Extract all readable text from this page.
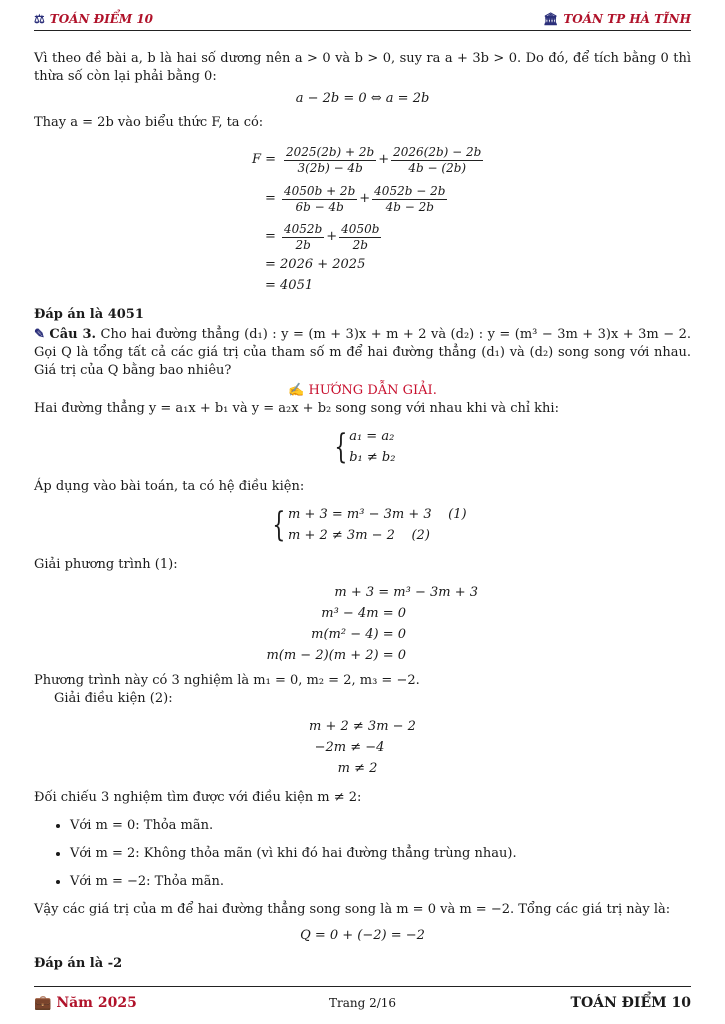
⚖ TOÁN ĐIỂM 10	🏛 TOÁN TP HÀ TĨNH

Vì theo đề bài a, b là hai số dương nên a > 0 và b > 0, suy ra a + 3b > 0. Do đó, để tích bằng 0 thì thừa số còn lại phải bằng 0:

a − 2b = 0 ⇔ a = 2b

Thay a = 2b vào biểu thức F, ta có:

$F = \frac{2025(2b) + 2b}{3(2b) - 4b} + \frac{2026(2b) - 2b}{4b - (2b)}$
= $\frac{4050b + 2b}{6b - 4b} + \frac{4052b - 2b}{4b - 2b}$
= $\frac{4052b}{2b} + \frac{4050b}{2b}$
= 2026 + 2025
= 4051

Đáp án là 4051

✎ Câu 3. Cho hai đường thẳng (d₁) : y = (m + 3)x + m + 2 và (d₂) : y = (m³ − 3m + 3)x + 3m − 2. Gọi Q là tổng tất cả các giá trị của tham số m để hai đường thẳng (d₁) và (d₂) song song với nhau. Giá trị của Q bằng bao nhiêu?

✍ HƯỚNG DẪN GIẢI.

Hai đường thẳng y = a₁x + b₁ và y = a₂x + b₂ song song với nhau khi và chỉ khi:

{ a₁ = a₂
b₁ ≠ b₂

Áp dụng vào bài toán, ta có hệ điều kiện:

{ m + 3 = m³ − 3m + 3    (1)
m + 2 ≠ 3m − 2    (2)

Giải phương trình (1):

m + 3 = m³ − 3m + 3
m³ − 4m = 0
m(m² − 4) = 0
m(m − 2)(m + 2) = 0

Phương trình này có 3 nghiệm là m₁ = 0, m₂ = 2, m₃ = −2.

Giải điều kiện (2):

m + 2 ≠ 3m − 2
−2m ≠ −4
m ≠ 2

Đối chiếu 3 nghiệm tìm được với điều kiện m ≠ 2:

• Với m = 0: Thỏa mãn.
• Với m = 2: Không thỏa mãn (vì khi đó hai đường thẳng trùng nhau).
• Với m = −2: Thỏa mãn.

Vậy các giá trị của m để hai đường thẳng song song là m = 0 và m = −2. Tổng các giá trị này là:

Q = 0 + (−2) = −2

Đáp án là -2

💼 Năm 2025	Trang 2/16	TOÁN ĐIỂM 10
